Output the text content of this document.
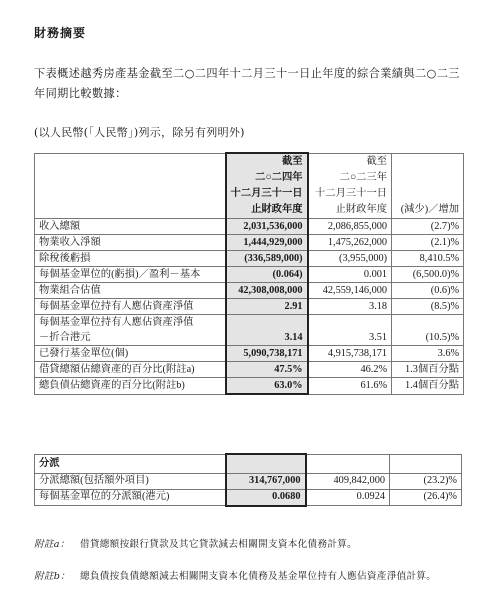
財務摘要
下表概述越秀房產基金截至二○二四年十二月三十一日止年度的綜合業績與二○二三年同期比較數據：
(以人民幣(「人民幣」)列示，除另有列明外)
	截至	截至	
	二○二四年	二○二三年	
	十二月三十一日	十二月三十一日	
	止財政年度	止財政年度	(減少)／增加
收入總額	2,031,536,000	2,086,855,000	(2.7)%
物業收入淨額	1,444,929,000	1,475,262,000	(2.1)%
除稅後虧損	(336,589,000)	(3,955,000)	8,410.5%
每個基金單位的(虧損)／盈利－基本	(0.064)	0.001	(6,500.0)%
物業組合估值	42,308,008,000	42,559,146,000	(0.6)%
每個基金單位持有人應佔資產淨值	2.91	3.18	(8.5)%
每個基金單位持有人應佔資產淨值			
－折合港元	3.14	3.51	(10.5)%
已發行基金單位(個)	5,090,738,171	4,915,738,171	3.6%
借貸總額佔總資產的百分比(附註a)	47.5%	46.2%	1.3個百分點
總負債佔總資產的百分比(附註b)	63.0%	61.6%	1.4個百分點
分派			
分派總額(包括額外項目)	314,767,000	409,842,000	(23.2)%
每個基金單位的分派額(港元)	0.0680	0.0924	(26.4)%
附註a： 借貸總額按銀行貸款及其它貸款減去相關開支資本化債務計算。
附註b： 總負債按負債總額減去相關開支資本化債務及基金單位持有人應佔資產淨值計算。
